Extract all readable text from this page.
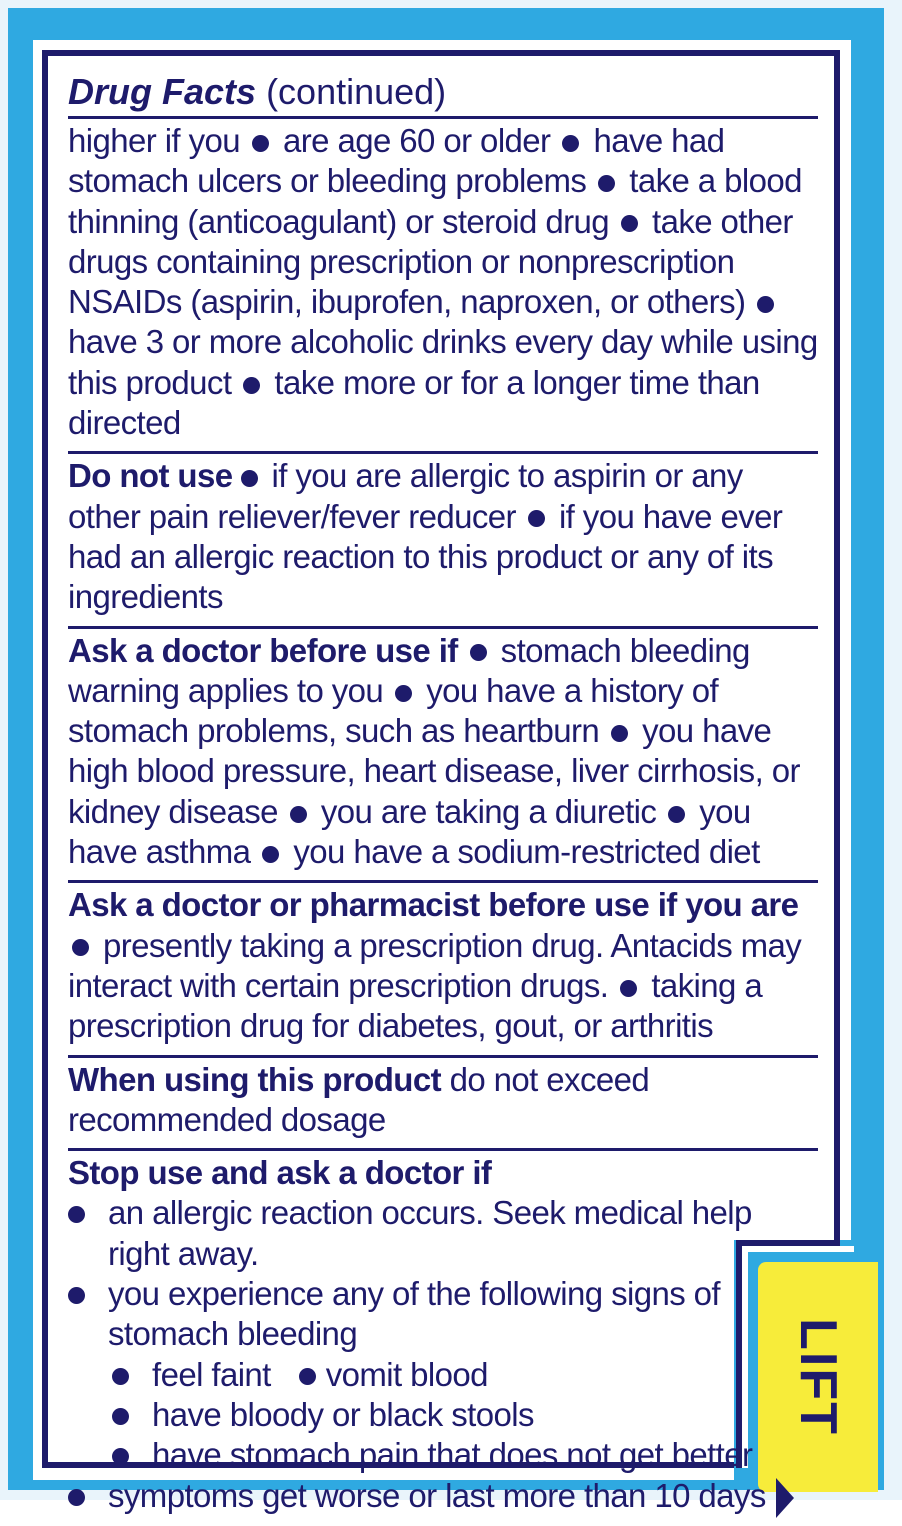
LIFT

Drug Facts (continued)

higher if you are age 60 or older have had stomach ulcers or bleeding problems take a blood thinning (anticoagulant) or steroid drug take other drugs containing prescription or nonprescription NSAIDs (aspirin, ibuprofen, naproxen, or others)have 3 or more alcoholic drinks every day while using this product take more or for a longer time than directed

Do not use if you are allergic to aspirin or any other pain reliever/fever reducer if you have ever had an allergic reaction to this product or any of its ingredients

Ask a doctor before use if stomach bleeding warning applies to you you have a history of stomach problems, such as heartburn you have high blood pressure, heart disease, liver cirrhosis, or kidney disease you are taking a diuretic you have asthma you have a sodium-restricted diet

Ask a doctor or pharmacist before use if you are
presently taking a prescription drug. Antacids may interact with certain prescription drugs. taking a prescription drug for diabetes, gout, or arthritis

When using this product do not exceed recommended dosage

Stop use and ask a doctor if
an allergic reaction occurs. Seek medical help right away.
you experience any of the following signs of stomach bleeding
feel faint vomit blood
have bloody or black stools
have stomach pain that does not get better
symptoms get worse or last more than 10 days
